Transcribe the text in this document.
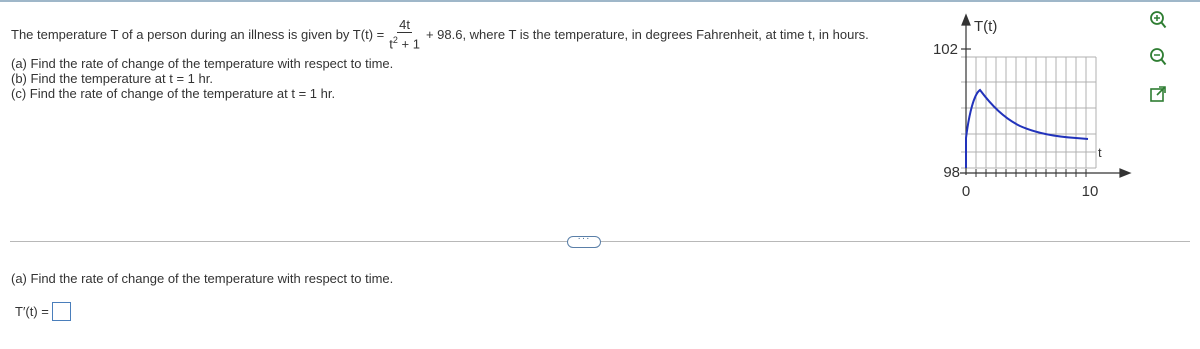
The temperature T of a person during an illness is given by $T(t) = \frac{4t}{t^2 + 1} + 98.6$, where T is the temperature, in degrees Fahrenheit, at time t, in hours.
(a) Find the rate of change of the temperature with respect to time.
(b) Find the temperature at t = 1 hr.
(c) Find the rate of change of the temperature at t = 1 hr.
T(t)
102
98
0	10
t
···
(a) Find the rate of change of the temperature with respect to time.
T′(t) =
